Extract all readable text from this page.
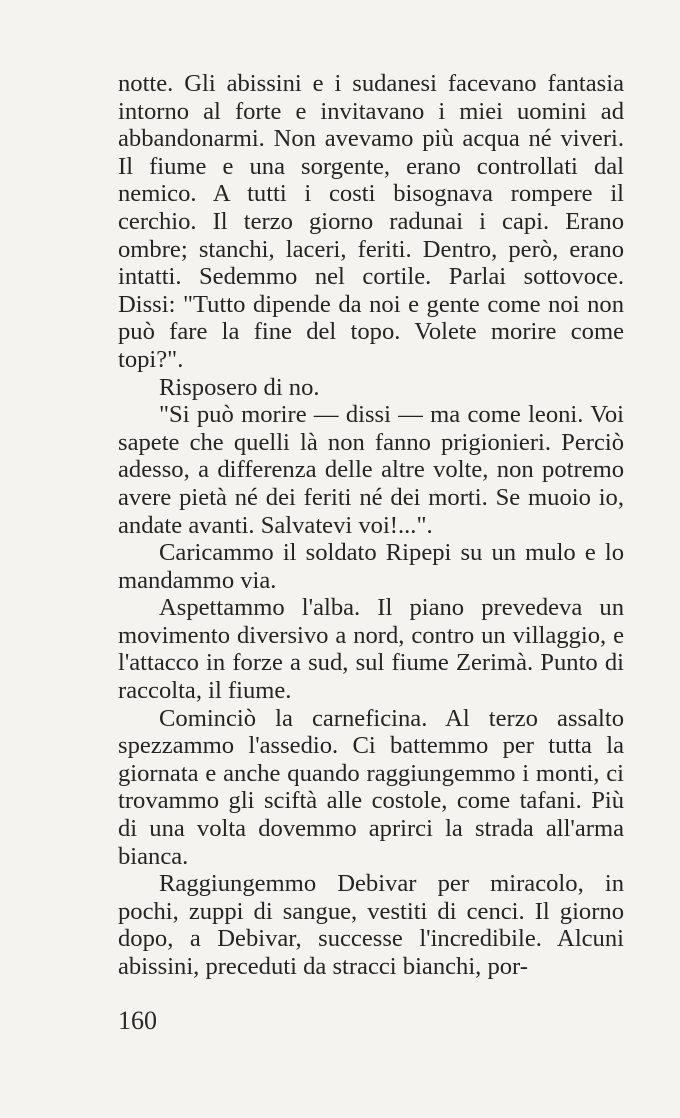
notte. Gli abissini e i sudanesi facevano fantasia intorno al forte e invitavano i miei uomini ad abbandonarmi. Non avevamo più acqua né viveri. Il fiume e una sorgente, erano controllati dal nemico. A tutti i costi bisognava rompere il cerchio. Il terzo giorno radunai i capi. Erano ombre; stanchi, laceri, feriti. Dentro, però, erano intatti. Sedemmo nel cortile. Parlai sottovoce. Dissi: "Tutto dipende da noi e gente come noi non può fare la fine del topo. Volete morire come topi?".

Risposero di no.

"Si può morire — dissi — ma come leoni. Voi sapete che quelli là non fanno prigionieri. Perciò adesso, a differenza delle altre volte, non potremo avere pietà né dei feriti né dei morti. Se muoio io, andate avanti. Salvatevi voi!...".

Caricammo il soldato Ripepi su un mulo e lo mandammo via.

Aspettammo l'alba. Il piano prevedeva un movimento diversivo a nord, contro un villaggio, e l'attacco in forze a sud, sul fiume Zerimà. Punto di raccolta, il fiume.

Cominciò la carneficina. Al terzo assalto spezzammo l'assedio. Ci battemmo per tutta la giornata e anche quando raggiungemmo i monti, ci trovammo gli sciftà alle costole, come tafani. Più di una volta dovemmo aprirci la strada all'arma bianca.

Raggiungemmo Debivar per miracolo, in pochi, zuppi di sangue, vestiti di cenci. Il giorno dopo, a Debivar, successe l'incredibile. Alcuni abissini, preceduti da stracci bianchi, por-

160
